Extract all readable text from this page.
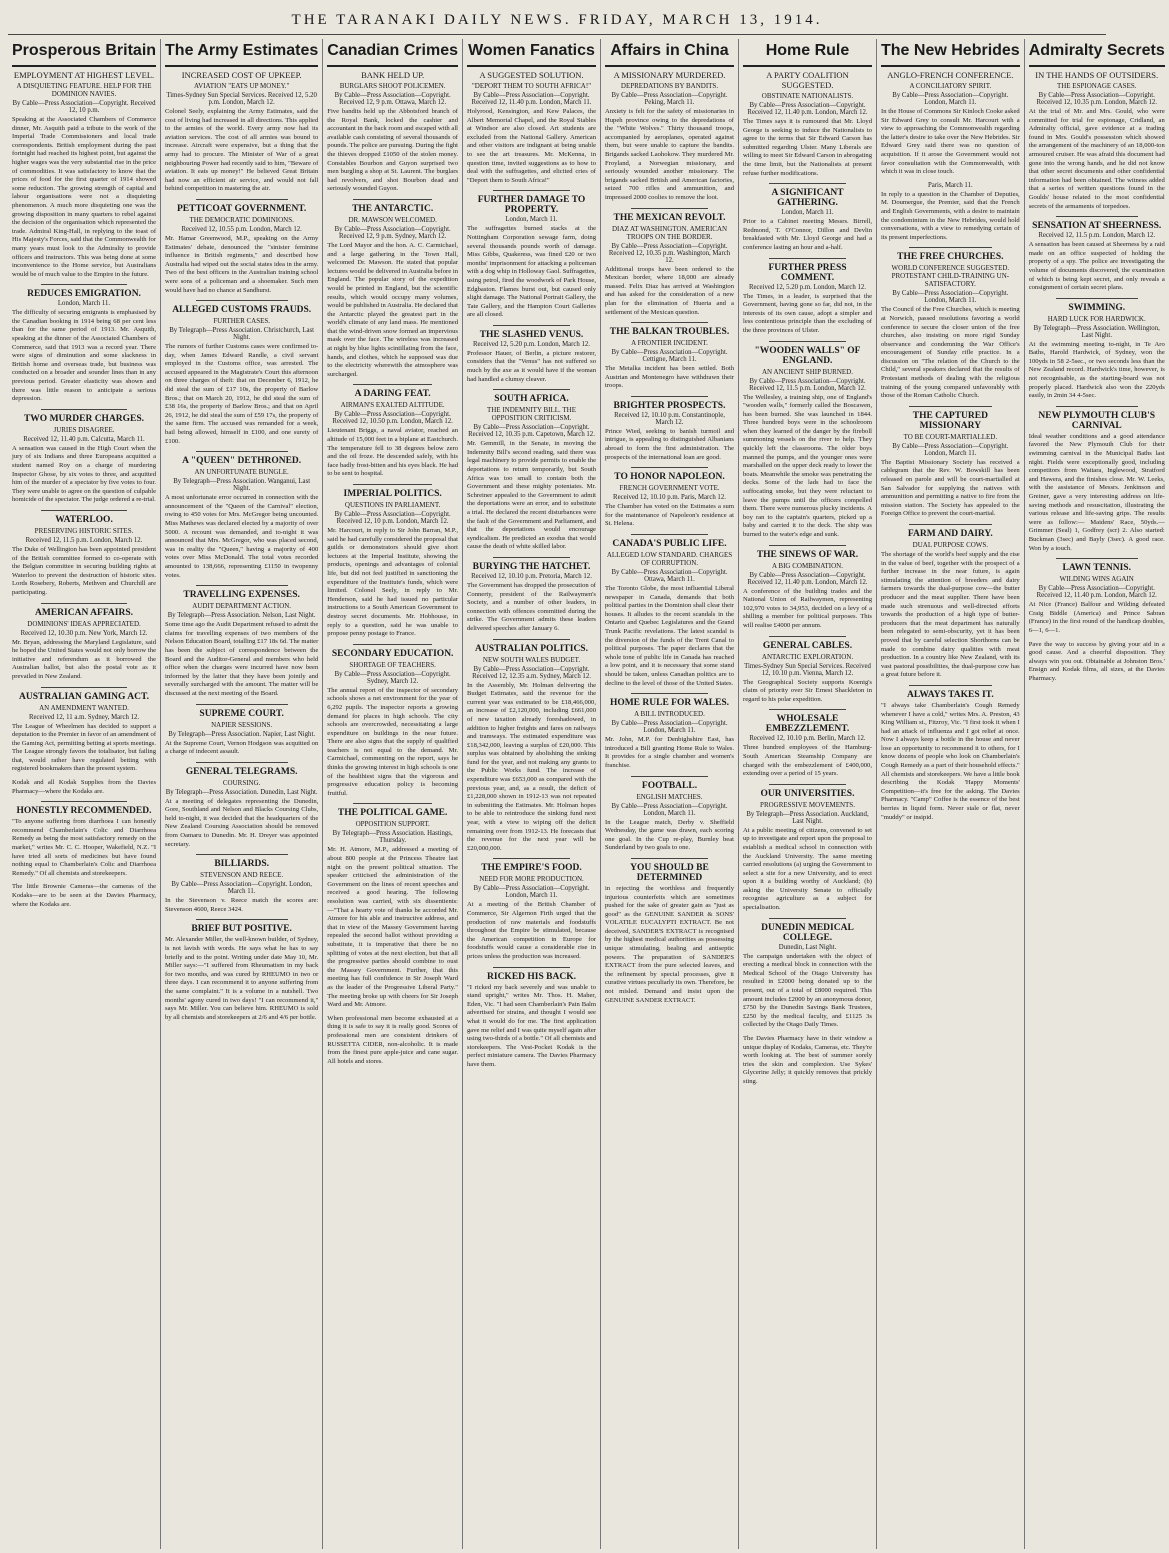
THE TARANAKI DAILY NEWS. FRIDAY, MARCH 13, 1914.
Prosperous Britain
EMPLOYMENT AT HIGHEST LEVEL.
A DISQUIETING FEATURE. HELP FOR THE DOMINION NAVIES.
By Cable—Press Association—Copyright. Received 12, 10 p.m.
Speaking at the Associated Chambers of Commerce dinner, Mr. Asquith paid a tribute to the work of the Imperial Trade Commissioners and local trade correspondents. British employment during the past fortnight had reached its highest point, but against the higher wages was the very substantial rise in the price of commodities. It was satisfactory to know that the prices of food for the first quarter of 1914 showed some reduction. The growing strength of capital and labour organisations were not a disquieting phenomenon. A much more disquieting one was the growing disposition in many quarters to rebel against the decision of the organisation which represented the trade. Admiral King-Hall, in replying to the toast of His Majesty's Forces, said that the Commonwealth for many years must look to the Admiralty to provide officers and instructors. This was being done at some inconvenience to the Home service, but Australians would be of much value to the Empire in the future.
REDUCES EMIGRATION.
London, March 11.
The difficulty of securing emigrants is emphasised by the Canadian booking in 1914 being 68 per cent less than for the same period of 1913. Mr. Asquith, speaking at the dinner of the Associated Chambers of Commerce, said that 1913 was a record year. There were signs of diminution and some slackness in British home and overseas trade, but business was conducted on a broader and sounder lines than in any previous period. Greater elasticity was shown and there was little reason to anticipate a serious depression.
TWO MURDER CHARGES.
JURIES DISAGREE.
Received 12, 11.40 p.m. Calcutta, March 11.
A sensation was caused in the High Court when the jury of six Indians and three Europeans acquitted a student named Roy on a charge of murdering Inspector Ghose, by six votes to three, and acquitted him of the murder of a spectator by five votes to four. They were unable to agree on the question of culpable homicide of the spectator. The judge ordered a re-trial.
WATERLOO.
PRESERVING HISTORIC SITES.
Received 12, 11.5 p.m. London, March 12.
The Duke of Wellington has been appointed president of the British committee formed to co-operate with the Belgian committee in securing building rights at Waterloo to prevent the destruction of historic sites. Lords Rosebery, Roberts, Methven and Churchill are participating.
AMERICAN AFFAIRS.
DOMINIONS' IDEAS APPRECIATED.
Received 12, 10.30 p.m. New York, March 12.
Mr. Bryan, addressing the Maryland Legislature, said he hoped the United States would not only borrow the initiative and referendum as it borrowed the Australian ballot, but also the postal vote as it prevailed in New Zealand.
AUSTRALIAN GAMING ACT.
AN AMENDMENT WANTED.
Received 12, 11 a.m. Sydney, March 12.
The League of Wheelmen has decided to support a deputation to the Premier in favor of an amendment of the Gaming Act, permitting betting at sports meetings. The League strongly favors the totalisator, but failing that, would rather have regulated betting with registered bookmakers than the present system.
Kodak and all Kodak Supplies from the Davies Pharmacy—where the Kodaks are.
HONESTLY RECOMMENDED.
"To anyone suffering from diarrhoea I can honestly recommend Chamberlain's Colic and Diarrhoea Remedy as being the most satisfactory remedy on the market," writes Mr. C. C. Hooper, Wakefield, N.Z. "I have tried all sorts of medicines but have found nothing equal to Chamberlain's Colic and Diarrhoea Remedy." Of all chemists and storekeepers.
The little Brownie Cameras—the cameras of the Kodaks—are to be seen at the Davies Pharmacy, where the Kodaks are.
The Army Estimates
INCREASED COST OF UPKEEP.
AVIATION "EATS UP MONEY."
Times-Sydney Sun Special Services. Received 12, 5.20 p.m. London, March 12.
Colonel Seely, explaining the Army Estimates, said the cost of living had increased in all directions. This applied to the armies of the world. Every army now had its aviation services. The cost of all armies was bound to increase. Aircraft were expensive, but a thing that the army had to procure. The Minister of War of a great neighbouring Power had recently said to him, "Beware of aviation. It eats up money!" He believed Great Britain had now an efficient air service, and would not fall behind competition in mastering the air.
PETTICOAT GOVERNMENT.
THE DEMOCRATIC DOMINIONS.
Received 12, 10.55 p.m. London, March 12.
Mr. Hamar Greenwood, M.P., speaking on the Army Estimates' debate, denounced the "sinister feminine influence in British regiments," and described how Australia had wiped out the social states idea in the army. Two of the best officers in the Australian training school were sons of a policeman and a shoemaker. Such men would have had no chance at Sandhurst.
ALLEGED CUSTOMS FRAUDS.
FURTHER CASES.
By Telegraph—Press Association. Christchurch, Last Night.
The rumors of further Customs cases were confirmed to-day, when James Edward Randle, a civil servant employed in the Customs office, was arrested. The accused appeared in the Magistrate's Court this afternoon on three charges of theft: that on December 6, 1912, he did steal the sum of £17 10s, the property of Barlow Bros.; that on March 20, 1912, he did steal the sum of £38 16s, the property of Barlow Bros.; and that on April 26, 1912, he did steal the sum of £59 17s, the property of the same firm. The accused was remanded for a week, bail being allowed, himself in £100, and one surety of £100.
A "QUEEN" DETHRONED.
AN UNFORTUNATE BUNGLE.
By Telegraph—Press Association. Wanganui, Last Night.
A most unfortunate error occurred in connection with the announcement of the "Queen of the Carnival" election, owing to 450 votes for Mrs. McGregor being uncounted. Miss Mathews was declared elected by a majority of over 5000. A recount was demanded, and to-night it was announced that Mrs. McGregor, who was placed second, was in reality the "Queen," having a majority of 400 votes over Miss McDonald. The total votes recorded amounted to 138,666, representing £1150 in twopenny votes.
TRAVELLING EXPENSES.
AUDIT DEPARTMENT ACTION.
By Telegraph—Press Association. Nelson, Last Night.
Some time ago the Audit Department refused to admit the claims for travelling expenses of two members of the Nelson Education Board, totalling £17 18s 6d. The matter has been the subject of correspondence between the Board and the Auditor-General and members who held office when the charges were incurred have now been informed by the latter that they have been jointly and severally surcharged with the amount. The matter will be discussed at the next meeting of the Board.
SUPREME COURT.
NAPIER SESSIONS.
By Telegraph—Press Association. Napier, Last Night.
At the Supreme Court, Vernon Hodgson was acquitted on a charge of indecent assault.
GENERAL TELEGRAMS.
COURSING.
By Telegraph—Press Association. Dunedin, Last Night.
At a meeting of delegates representing the Dunedin, Gore, Southland and Nelson and Blacks Coursing Clubs, held to-night, it was decided that the headquarters of the New Zealand Coursing Association should be removed from Oamaru to Dunedin. Mr. H. Dreyer was appointed secretary.
BILLIARDS.
STEVENSON AND REECE.
By Cable—Press Association—Copyright. London, March 11.
In the Stevenson v. Reece match the scores are: Stevenson 4600, Reece 3424.
BRIEF BUT POSITIVE.
Mr. Alexander Miller, the well-known builder, of Sydney, is not lavish with words. He says what he has to say briefly and to the point. Writing under date May 10, Mr. Miller says:—"I suffered from Rheumatism in my back for two months, and was cured by RHEUMO in two or three days. I can recommend it to anyone suffering from the same complaint." It is a volume in a nutshell. Two months' agony cured in two days! "I can recommend it," says Mr. Miller. You can believe him. RHEUMO is sold by all chemists and storekeepers at 2/6 and 4/6 per bottle.
Canadian Crimes
BANK HELD UP.
BURGLARS SHOOT POLICEMEN.
By Cable—Press Association—Copyright. Received 12, 9 p.m. Ottawa, March 12.
Five bandits held up the Abbotsford branch of the Royal Bank, locked the cashier and accountant in the back room and escaped with all available cash consisting of several thousands of pounds. The police are pursuing. During the fight the thieves dropped £1050 of the stolen money. Constables Bourbon and Guyon surprised two men burgling a shop at St. Laurent. The burglars had revolvers, and shot Bourbon dead and seriously wounded Guyon.
THE ANTARCTIC.
DR. MAWSON WELCOMED.
By Cable—Press Association—Copyright. Received 12, 9 p.m. Sydney, March 12.
The Lord Mayor and the hon. A. C. Carmichael, and a large gathering in the Town Hall, welcomed Dr. Mawson. He stated that popular lectures would be delivered in Australia before in England. The popular story of the expedition would be printed in England, but the scientific results, which would occupy many volumes, would be published in Australia. He declared that the Antarctic played the greatest part in the world's climate of any land mass. He mentioned that the wind-driven snow formed an impervious mask over the face. The wireless was increased at night by blue lights scintillating from the face, hands, and clothes, which he supposed was due to the electricity wherewith the atmosphere was surcharged.
A DARING FEAT.
AIRMAN'S EXALTED ALTITUDE.
By Cable—Press Association—Copyright. Received 12, 10.50 p.m. London, March 12.
Lieutenant Briggs, a naval aviator, reached an altitude of 15,000 feet in a biplane at Eastchurch. The temperature fell to 38 degrees below zero and the oil froze. He descended safely, with his face badly frost-bitten and his eyes black. He had to be sent to hospital.
IMPERIAL POLITICS.
QUESTIONS IN PARLIAMENT.
By Cable—Press Association—Copyright. Received 12, 10 p.m. London, March 12.
Mr. Harcourt, in reply to Sir John Barran, M.P., said he had carefully considered the proposal that guilds or demonstrators should give short lectures at the Imperial Institute, showing the products, openings and advantages of colonial life, but did not feel justified in sanctioning the expenditure of the Institute's funds, which were limited. Colonel Seely, in reply to Mr. Henderson, said he had issued no particular instructions to a South American Government to destroy secret documents. Mr. Hobhouse, in reply to a question, said he was unable to propose penny postage to France.
SECONDARY EDUCATION.
SHORTAGE OF TEACHERS.
By Cable—Press Association—Copyright. Sydney, March 12.
The annual report of the inspector of secondary schools shows a net environment for the year of 6,292 pupils. The inspector reports a growing demand for places in high schools. The city schools are overcrowded, necessitating a large expenditure on buildings in the near future. There are also signs that the supply of qualified teachers is not equal to the demand. Mr. Carmichael, commenting on the report, says he thinks the growing interest in high schools is one of the healthiest signs that the vigorous and progressive education policy is becoming fruitful.
THE POLITICAL GAME.
OPPOSITION SUPPORT.
By Telegraph—Press Association. Hastings, Thursday.
Mr. H. Atmore, M.P., addressed a meeting of about 800 people at the Princess Theatre last night on the present political situation. The speaker criticised the administration of the Government on the lines of recent speeches and received a good hearing. The following resolution was carried, with six dissentients:—"That a hearty vote of thanks be accorded Mr. Atmore for his able and instructive address, and that in view of the Massey Government having repealed the second ballot without providing a substitute, it is imperative that there be no splitting of votes at the next election, but that all the progressive parties should combine to oust the Massey Government. Further, that this meeting has full confidence in Sir Joseph Ward as the leader of the Progressive Liberal Party." The meeting broke up with cheers for Sir Joseph Ward and Mr. Atmore.
When professional men become exhausted at a thing it is safe to say it is really good. Scores of professional men are consistent drinkers of RUSSETTA CIDER, non-alcoholic. It is made from the finest pure apple-juice and cane sugar. All hotels and stores.
Women Fanatics
A SUGGESTED SOLUTION.
"DEPORT THEM TO SOUTH AFRICA!"
By Cable—Press Association—Copyright. Received 12, 11.40 p.m. London, March 11.
Holyrood, Kensington, and Kew Palaces, the Albert Memorial Chapel, and the Royal Stables at Windsor are also closed. Art students are excluded from the National Gallery. American and other visitors are indignant at being unable to see the art treasures. Mr. McKenna, in question time, invited suggestions as to how to deal with the suffragettes, and elicited cries of "Deport them to South Africa!"
FURTHER DAMAGE TO PROPERTY.
London, March 11.
The suffragettes burned stacks at the Nottingham Corporation sewage farm, doing several thousands pounds worth of damage. Miss Gibbs, Quakeress, was fined £20 or two months' imprisonment for attacking a policeman with a dog whip in Holloway Gaol. Suffragettes, using petrol, fired the woodwork of Park House, Edgbaston. Flames burst out, but caused only slight damage. The National Portrait Gallery, the Tate Gallery, and the Hampton Court Galleries are all closed.
THE SLASHED VENUS.
Received 12, 5.20 p.m. London, March 12.
Professor Hauer, of Berlin, a picture restorer, considers that the "Venus" has not suffered so much by the axe as it would have if the woman had handled a clumsy cleaver.
SOUTH AFRICA.
THE INDEMNITY BILL. THE OPPOSITION CRITICISM.
By Cable—Press Association—Copyright. Received 12, 10.35 p.m. Capetown, March 12.
Mr. Gemmill, in the Senate, in moving the Indemnity Bill's second reading, said there was legal machinery to provide permits to enable the deportations to return temporarily, but South Africa was too small to contain both the Government and these mighty potentates. Mr. Schreiner appealed to the Government to admit the deportations were an error, and to substitute a trial. He declared the recent disturbances were the fault of the Government and Parliament, and that the deportations would encourage syndicalism. He predicted an exodus that would cause the death of white skilled labor.
BURYING THE HATCHET.
Received 12, 10.10 p.m. Pretoria, March 12.
The Government has dropped the prosecution of Connerty, president of the Railwaymen's Society, and a number of other leaders, in connection with offences committed during the strike. The Government admits these leaders delivered speeches after January 6.
AUSTRALIAN POLITICS.
NEW SOUTH WALES BUDGET.
By Cable—Press Association—Copyright. Received 12, 12.35 a.m. Sydney, March 12.
In the Assembly, Mr. Holman delivering the Budget Estimates, said the revenue for the current year was estimated to be £18,466,000, an increase of £2,120,000, including £661,000 of new taxation already foreshadowed, in addition to higher freights and fares on railways and tramways. The estimated expenditure was £18,342,000, leaving a surplus of £20,000. This surplus was obtained by abolishing the sinking fund for the year, and not making any grants to the Public Works fund. The increase of expenditure was £653,000 as compared with the previous year, and, as a result, the deficit of £1,228,000 shown in 1912-13 was not repeated in submitting the Estimates. Mr. Holman hopes to be able to reintroduce the sinking fund next year, with a view to wiping off the deficit remaining over from 1912-13. He forecasts that the revenue for the next year will be £20,000,000.
THE EMPIRE'S FOOD.
NEED FOR MORE PRODUCTION.
By Cable—Press Association—Copyright. London, March 11.
At a meeting of the British Chamber of Commerce, Sir Algernon Firth urged that the production of raw materials and foodstuffs throughout the Empire be stimulated, because the American competition in Europe for foodstuffs would cause a considerable rise in prices unless the production was increased.
RICKED HIS BACK.
"I ricked my back severely and was unable to stand upright," writes Mr. Thos. H. Maher, Eden, Vic. "I had seen Chamberlain's Pain Balm advertised for strains, and thought I would see what it would do for me. The first application gave me relief and I was quite myself again after using two-thirds of a bottle." Of all chemists and storekeepers. The Vest-Pocket Kodak is the perfect miniature camera. The Davies Pharmacy have them.
Affairs in China
A MISSIONARY MURDERED.
DEPREDATIONS BY BANDITS.
By Cable—Press Association—Copyright. Peking, March 11.
Anxiety is felt for the safety of missionaries in Hupeh province owing to the depredations of the "White Wolves." Thirty thousand troops, accompanied by aeroplanes, operated against them, but were unable to capture the bandits. Brigands sacked Laohokow. They murdered Mr. Froyland, a Norwegian missionary, and seriously wounded another missionary. The brigands sacked British and American factories, seized 700 rifles and ammunition, and impressed 2000 coolies to remove the loot.
THE MEXICAN REVOLT.
DIAZ AT WASHINGTON. AMERICAN TROOPS ON THE BORDER.
By Cable—Press Association—Copyright. Received 12, 10.35 p.m. Washington, March 12.
Additional troops have been ordered to the Mexican border, where 18,000 are already massed. Felix Diaz has arrived at Washington and has asked for the consideration of a new plan for the elimination of Huerta and a settlement of the Mexican question.
THE BALKAN TROUBLES.
A FRONTIER INCIDENT.
By Cable—Press Association—Copyright. Cettigne, March 11.
The Metalka incident has been settled. Both Austrian and Montenegro have withdrawn their troops.
BRIGHTER PROSPECTS.
Received 12, 10.10 p.m. Constantinople, March 12.
Prince Wied, seeking to banish turmoil and intrigue, is appealing to distinguished Albanians abroad to form the first administration. The prospects of the international loan are good.
TO HONOR NAPOLEON.
FRENCH GOVERNMENT VOTE.
Received 12, 10.10 p.m. Paris, March 12.
The Chamber has voted on the Estimates a sum for the maintenance of Napoleon's residence at St. Helena.
CANADA'S PUBLIC LIFE.
ALLEGED LOW STANDARD. CHARGES OF CORRUPTION.
By Cable—Press Association—Copyright. Ottawa, March 11.
The Toronto Globe, the most influential Liberal newspaper in Canada, demands that both political parties in the Dominion shall clear their houses. It alludes to the recent scandals in the Ontario and Quebec Legislatures and the Grand Trunk Pacific revelations. The latest scandal is the diversion of the funds of the Trent Canal to political purposes. The paper declares that the whole tone of public life in Canada has reached a low point, and it is necessary that some stand should be taken, unless Canadian politics are to decline to the level of those of the United States.
HOME RULE FOR WALES.
A BILL INTRODUCED.
By Cable—Press Association—Copyright. London, March 11.
Mr. John, M.P. for Denbighshire East, has introduced a Bill granting Home Rule to Wales. It provides for a single chamber and women's franchise.
FOOTBALL.
ENGLISH MATCHES.
By Cable—Press Association—Copyright. London, March 11.
In the League match, Derby v. Sheffield Wednesday, the game was drawn, each scoring one goal. In the Cup re-play, Burnley beat Sunderland by two goals to one.
YOU SHOULD BE DETERMINED
in rejecting the worthless and frequently injurious counterfeits which are sometimes pushed for the sake of greater gain as "just as good" as the GENUINE SANDER & SONS' VOLATILE EUCALYPTI EXTRACT. Be not deceived, SANDER'S EXTRACT is recognised by the highest medical authorities as possessing unique stimulating, healing and antiseptic powers. The preparation of SANDER'S EXTRACT from the pure selected leaves, and the refinement by special processes, give it curative virtues peculiarly its own. Therefore, be not misled. Demand and insist upon the GENUINE SANDER EXTRACT.
Home Rule
A PARTY COALITION SUGGESTED.
OBSTINATE NATIONALISTS.
By Cable—Press Association—Copyright. Received 12, 11.40 p.m. London, March 12.
The Times says it is rumoured that Mr. Lloyd George is seeking to induce the Nationalists to agree to the terms that Sir Edward Carson has submitted regarding Ulster. Many Liberals are willing to meet Sir Edward Carson in abrogating the time limit, but the Nationalists at present refuse further modifications.
A SIGNIFICANT GATHERING.
London, March 11.
Prior to a Cabinet meeting Messrs. Birrell, Redmond, T. O'Connor, Dillon and Devlin breakfasted with Mr. Lloyd George and had a conference lasting an hour and a-half.
FURTHER PRESS COMMENT.
Received 12, 5.20 p.m. London, March 12.
The Times, in a leader, is surprised that the Government, having gone so far, did not, in the interests of its own cause, adopt a simpler and less contentious principle than the excluding of the three provinces of Ulster.
"WOODEN WALLS" OF ENGLAND.
AN ANCIENT SHIP BURNED.
By Cable—Press Association—Copyright. Received 12, 11.5 p.m. London, March 12.
The Wellesley, a training ship, one of England's "wooden walls," formerly called the Boscawen, has been burned. She was launched in 1844. Three hundred boys were in the schoolroom when they learned of the danger by the fireboll summoning vessels on the river to help. They quickly left the classrooms. The older boys manned the pumps, and the younger ones were marshalled on the upper deck ready to lower the boats. Meanwhile the smoke was penetrating the decks. Some of the lads had to face the suffocating smoke, but they were reluctant to leave the pumps until the officers compelled them. There were numerous plucky incidents. A boy ran to the captain's quarters, picked up a baby and carried it to the deck. The ship was burned to the water's edge and sunk.
THE SINEWS OF WAR.
A BIG COMBINATION.
By Cable—Press Association—Copyright. Received 12, 11.40 p.m. London, March 12.
A conference of the building trades and the National Union of Railwaymen, representing 102,970 votes to 34,953, decided on a levy of a shilling a member for political purposes. This will realise £4000 per annum.
GENERAL CABLES.
ANTARCTIC EXPLORATION.
Times-Sydney Sun Special Services. Received 12, 10.10 p.m. Vienna, March 12.
The Geographical Society supports Koenig's claim of priority over Sir Ernest Shackleton in regard to his polar expedition.
WHOLESALE EMBEZZLEMENT.
Received 12, 10.10 p.m. Berlin, March 12.
Three hundred employees of the Hamburg-South American Steamship Company are charged with the embezzlement of £400,000, extending over a period of 15 years.
OUR UNIVERSITIES.
PROGRESSIVE MOVEMENTS.
By Telegraph—Press Association. Auckland, Last Night.
At a public meeting of citizens, convened to set up to investigate and report upon the proposal to establish a medical school in connection with the Auckland University. The same meeting carried resolutions (a) urging the Government to select a site for a new University, and to erect upon it a building worthy of Auckland; (b) asking the University Senate to officially recognise agriculture as a subject for specialisation.
DUNEDIN MEDICAL COLLEGE.
Dunedin, Last Night.
The campaign undertaken with the object of erecting a medical block in connection with the Medical School of the Otago University has resulted in £2000 being donated up to the present, out of a total of £8000 required. This amount includes £2000 by an anonymous donor, £750 by the Dunedin Savings Bank Trustees, £250 by the medical faculty, and £1125 3s collected by the Otago Daily Times.
The Davies Pharmacy have in their window a unique display of Kodaks, Cameras, etc. They're worth looking at. The best of summer sorely tries the skin and complexion. Use Sykes' Glycerine Jelly; it quickly removes that prickly sting.
The New Hebrides
ANGLO-FRENCH CONFERENCE.
A CONCILIATORY SPIRIT.
By Cable—Press Association—Copyright. London, March 11.
In the House of Commons Sir Kinloch Cooke asked Sir Edward Grey to consult Mr. Harcourt with a view to approaching the Commonwealth regarding the latter's desire to take over the New Hebrides. Sir Edward Grey said there was no question of acquisition. If it arose the Government would not favor consultation with the Commonwealth, with which it was in close touch.
Paris, March 11.
In reply to a question in the Chamber of Deputies, M. Doumergue, the Premier, said that the French and English Governments, with a desire to maintain the condominium in the New Hebrides, would hold conversations, with a view to remedying certain of its present imperfections.
THE FREE CHURCHES.
WORLD CONFERENCE SUGGESTED. PROTESTANT CHILD-TRAINING UN-SATISFACTORY.
By Cable—Press Association—Copyright. London, March 11.
The Council of the Free Churches, which is meeting at Norwich, passed resolutions favoring a world conference to secure the closer union of the free churches, also insisting on more rigid Sunday observance and condemning the War Office's encouragement of Sunday rifle practice. In a discussion on "The relation of the Church to the Child," several speakers declared that the results of Protestant methods of dealing with the religious training of the young compared unfavorably with those of the Roman Catholic Church.
THE CAPTURED MISSIONARY
TO BE COURT-MARTIALLED.
By Cable—Press Association—Copyright. London, March 11.
The Baptist Missionary Society has received a cablegram that the Rev. W. Bowskill has been released on parole and will be court-martialled at San Salvador for supplying the natives with ammunition and permitting a native to fire from the mission station. The Society has appealed to the Foreign Office to prevent the court-martial.
FARM AND DAIRY.
DUAL PURPOSE COWS.
The shortage of the world's beef supply and the rise in the value of beef, together with the prospect of a further increase in the near future, is again stimulating the attention of breeders and dairy farmers towards the dual-purpose cow—the butter producer and the meat supplier. There have been made such strenuous and well-directed efforts towards the production of a high type of butter-producers that the meat department has naturally been relegated to semi-obscurity, yet it has been proved that by careful selection Shorthorns can be made to combine dairy qualities with meat production. In a country like New Zealand, with its vast pastoral possibilities, the dual-purpose cow has a great future before it.
ALWAYS TAKES IT.
"I always take Chamberlain's Cough Remedy whenever I have a cold," writes Mrs. A. Preston, 43 King William st., Fitzroy, Vic. "I first took it when I had an attack of influenza and I got relief at once. Now I always keep a bottle in the house and never lose an opportunity to recommend it to others, for I know dozens of people who look on Chamberlain's Cough Remedy as a part of their household effects." All chemists and storekeepers. We have a little book describing the Kodak 'Happy Moments' Competition—it's free for the asking. The Davies Pharmacy. "Camp" Coffee is the essence of the best berries in liquid form. Never stale or flat, never "muddy" or insipid.
Admiralty Secrets
IN THE HANDS OF OUTSIDERS.
THE ESPIONAGE CASES.
By Cable—Press Association—Copyright. Received 12, 10.35 p.m. London, March 12.
At the trial of Mr. and Mrs. Gould, who were committed for trial for espionage, Cridland, an Admiralty official, gave evidence at a trading found in Mrs. Gould's possession which showed the arrangement of the machinery of an 18,000-ton armoured cruiser. He was afraid this document had gone into the wrong hands, and he did not know that other secret documents and other confidential information had been obtained. The witness added that a series of written questions found in the Goulds' house related to the most confidential secrets of the armaments of torpedoes.
SENSATION AT SHEERNESS.
Received 12, 11.5 p.m. London, March 12.
A sensation has been caused at Sheerness by a raid made on an office suspected of holding the property of a spy. The police are investigating the volume of documents discovered, the examination of which is being kept secret, and only reveals a consignment of certain secret plans.
SWIMMING.
HARD LUCK FOR HARDWICK.
By Telegraph—Press Association. Wellington, Last Night.
At the swimming meeting to-night, in Te Aro Baths, Harold Hardwick, of Sydney, won the 100yds in 58 2-5sec., or two seconds less than the New Zealand record. Hardwick's time, however, is not recognisable, as the starting-board was not properly placed. Hardwick also won the 220yds easily, in 2min 34 4-5sec.
NEW PLYMOUTH CLUB'S CARNIVAL
Ideal weather conditions and a good attendance favored the New Plymouth Club for their swimming carnival in the Municipal Baths last night. Fields were exceptionally good, including competitors from Waitara, Inglewood, Stratford and Hawera, and the finishes close. Mr. W. Leeks, with the assistance of Messrs. Jenkinson and Greiner, gave a very interesting address on life-saving methods and resuscitation, illustrating the various release and life-saving grips. The results were as follow:— Maidens' Race, 50yds.—Grimmer (Seal) 1, Godfrey (scr) 2. Also started: Buckman (3sec) and Bayly (3sec). A good race. Won by a touch.
LAWN TENNIS.
WILDING WINS AGAIN
By Cable—Press Association—Copyright. Received 12, 11.40 p.m. London, March 12.
At Nice (France) Balfour and Wilding defeated Craig Biddle (America) and Prince Sabran (France) in the first round of the handicap doubles, 6—1, 6—1.
Pave the way to success by giving your aid in a good cause. And a cheerful disposition. They always win you out. Obtainable at Johnston Bros.' Ensign and Kodak films, all sizes, at the Davies Pharmacy.
